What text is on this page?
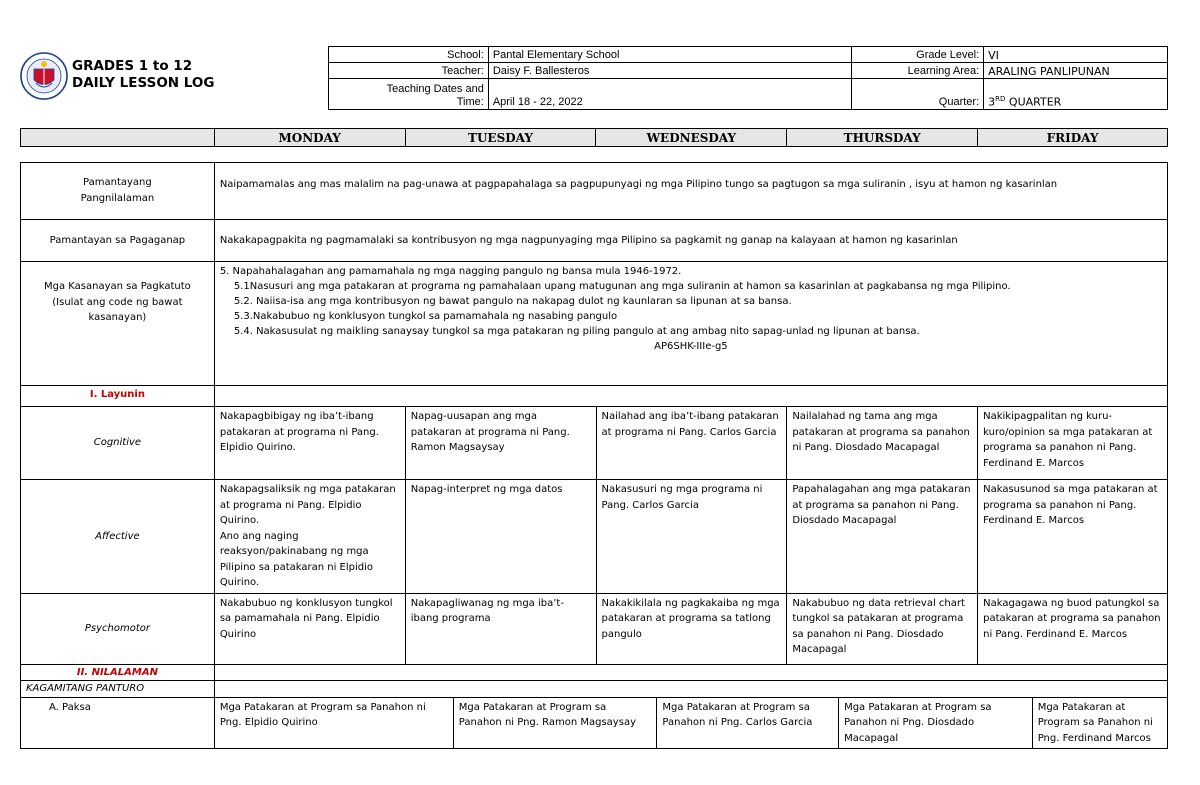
GRADES 1 to 12
DAILY LESSON LOG
School:	Pantal Elementary School	Grade Level:	VI
Teacher:	Daisy F. Ballesteros	Learning Area:	ARALING PANLIPUNAN

Teaching Dates and
Time:	April 18 - 22, 2022	Quarter:	3RD QUARTER
	MONDAY	TUESDAY	WEDNESDAY	THURSDAY	FRIDAY
Pamantayang
Pangnilalaman
	Naipamamalas ang mas malalim na pag-unawa at pagpapahalaga sa pagpupunyagi ng mga Pilipino tungo sa pagtugon sa mga suliranin , isyu at hamon ng kasarinlan
Pamantayan sa Pagaganap	Nakakapagpakita ng pagmamalaki sa kontribusyon ng mga nagpunyaging mga Pilipino sa pagkamit ng ganap na kalayaan at hamon ng kasarinlan

Mga Kasanayan sa Pagkatuto
(Isulat ang code ng bawat
kasanayan)

5. Napahahalagahan ang pamamahala ng mga nagging pangulo ng bansa mula 1946-1972.
5.1Nasusuri ang mga patakaran at programa ng pamahalaan upang matugunan ang mga suliranin at hamon sa kasarinlan at pagkabansa ng mga Pilipino.
5.2. Naiisa-isa ang mga kontribusyon ng bawat pangulo na nakapag dulot ng kaunlaran sa lipunan at sa bansa.
5.3.Nakabubuo ng konklusyon tungkol sa pamamahala ng nasabing pangulo
5.4. Nakasusulat ng maikling sanaysay tungkol sa mga patakaran ng piling pangulo at ang ambag nito sapag-unlad ng lipunan at bansa.
AP6SHK-IIIe-g5

I. Layunin	
Cognitive	Nakapagbibigay ng iba’t-ibang patakaran at programa ni Pang. Elpidio Quirino.	Napag-uusapan ang mga patakaran at programa ni Pang. Ramon Magsaysay	Nailahad ang iba’t-ibang patakaran at programa ni Pang. Carlos Garcia	Nailalahad ng tama ang mga patakaran at programa sa panahon ni Pang. Diosdado Macapagal	Nakikipagpalitan ng kuru-kuro/opinion sa mga patakaran at programa sa panahon ni Pang. Ferdinand E. Marcos
Affective	Nakapagsaliksik ng mga patakaran at programa ni Pang. Elpidio Quirino.
Ano ang naging reaksyon/pakinabang ng mga Pilipino sa patakaran ni Elpidio Quirino.	Napag-interpret ng mga datos	Nakasusuri ng mga programa ni Pang. Carlos Garcia	Papahalagahan ang mga patakaran at programa sa panahon ni Pang. Diosdado Macapagal	Nakasusunod sa mga patakaran at programa sa panahon ni Pang. Ferdinand E. Marcos
Psychomotor	Nakabubuo ng konklusyon tungkol sa pamamahala ni Pang. Elpidio Quirino	Nakapagliwanag ng mga iba’t-ibang programa	Nakakikilala ng pagkakaiba ng mga patakaran at programa sa tatlong pangulo	Nakabubuo ng data retrieval chart tungkol sa patakaran at programa sa panahon ni Pang. Diosdado Macapagal	Nakagagawa ng buod patungkol sa patakaran at programa sa panahon ni Pang. Ferdinand E. Marcos
II. NILALAMAN	
KAGAMITANG PANTURO	
A. Paksa		Mga Patakaran at Program sa Panahon ni Png. Elpidio Quirino	Mga Patakaran at Program sa Panahon ni Png. Ramon Magsaysay	Mga Patakaran at Program sa Panahon ni Png. Carlos Garcia	Mga Patakaran at Program sa Panahon ni Png. Diosdado Macapagal	Mga Patakaran at Program sa Panahon ni Png. Ferdinand Marcos
